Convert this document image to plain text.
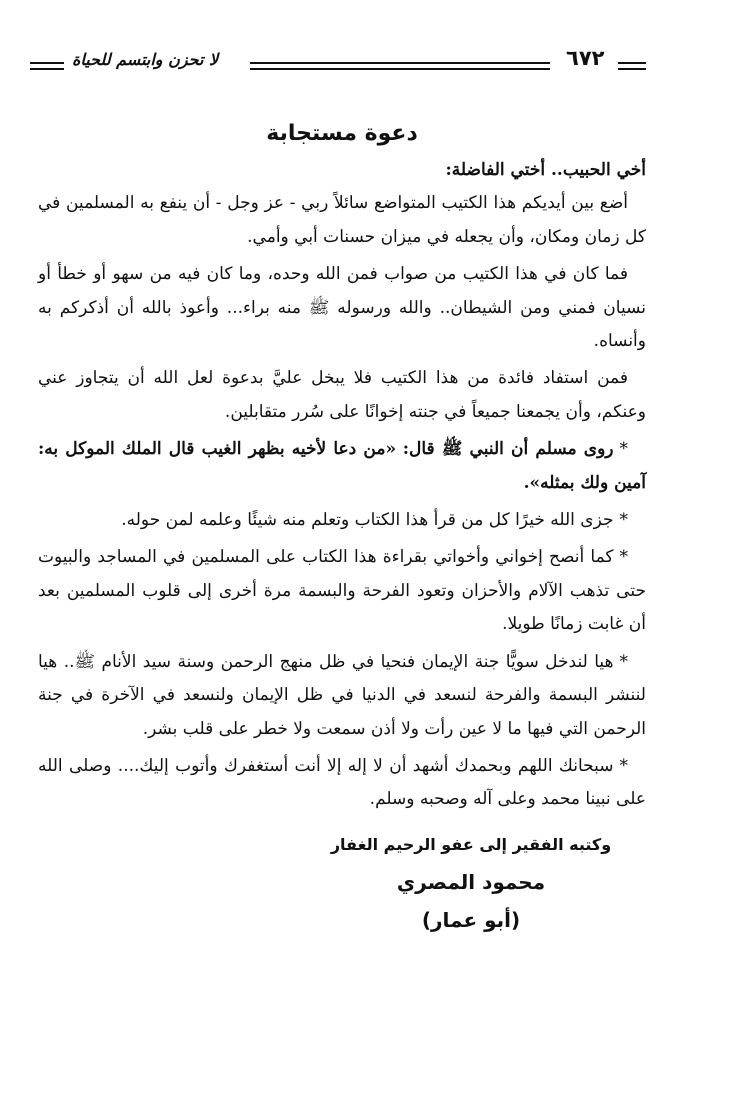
لا تحزن وابتسم للحياة	٦٧٢
دعوة مستجابة

أخي الحبيب.. أختي الفاضلة:

أضع بين أيديكم هذا الكتيب المتواضع سائلاً ربي - عز وجل - أن ينفع به المسلمين في كل زمان ومكان، وأن يجعله في ميزان حسنات أبي وأمي.

فما كان في هذا الكتيب من صواب فمن الله وحده، وما كان فيه من سهو أو خطأ أو نسيان فمني ومن الشيطان.. والله ورسوله ﷺ منه براء... وأعوذ بالله أن أذكركم به وأنساه.

فمن استفاد فائدة من هذا الكتيب فلا يبخل عليَّ بدعوة لعل الله أن يتجاوز عني وعنكم، وأن يجمعنا جميعاً في جنته إخوانًا على سُرر متقابلين.

*روى مسلم أن النبي ﷺ قال: «من دعا لأخيه بظهر الغيب قال الملك الموكل به: آمين ولك بمثله».

*جزى الله خيرًا كل من قرأ هذا الكتاب وتعلم منه شيئًا وعلمه لمن حوله.

*كما أنصح إخواني وأخواتي بقراءة هذا الكتاب على المسلمين في المساجد والبيوت حتى تذهب الآلام والأحزان وتعود الفرحة والبسمة مرة أخرى إلى قلوب المسلمين بعد أن غابت زمانًا طويلا.

*هيا لندخل سويًّا جنة الإيمان فنحيا في ظل منهج الرحمن وسنة سيد الأنام ﷺ.. هيا لننشر البسمة والفرحة لنسعد في الدنيا في ظل الإيمان ولنسعد في الآخرة في جنة الرحمن التي فيها ما لا عين رأت ولا أذن سمعت ولا خطر على قلب بشر.

*سبحانك اللهم وبحمدك أشهد أن لا إله إلا أنت أستغفرك وأتوب إليك.... وصلى الله على نبينا محمد وعلى آله وصحبه وسلم.

وكتبه الفقير إلى عفو الرحيم الغفار
محمود المصري
(أبو عمار)
